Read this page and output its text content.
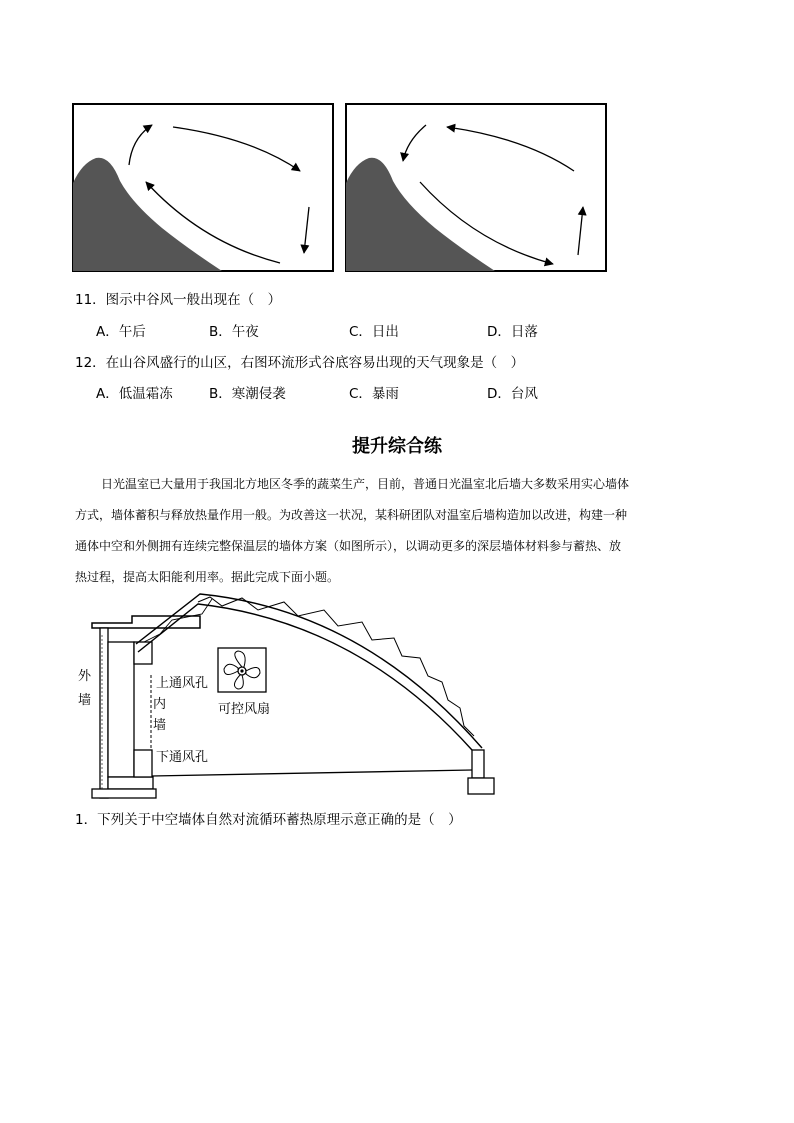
11．图示中谷风一般出现在（　）
A．午后	B．午夜	C．日出	D．日落
12．在山谷风盛行的山区，右图环流形式谷底容易出现的天气现象是（　）
A．低温霜冻	B．寒潮侵袭	C．暴雨	D．台风
提升综合练

日光温室已大量用于我国北方地区冬季的蔬菜生产，目前，普通日光温室北后墙大多数采用实心墙体

方式，墙体蓄积与释放热量作用一般。为改善这一状况，某科研团队对温室后墙构造加以改进，构建一种

通体中空和外侧拥有连续完整保温层的墙体方案（如图所示），以调动更多的深层墙体材料参与蓄热、放

热过程，提高太阳能利用率。据此完成下面小题。

外
墙
上通风孔
内
墙
下通风孔
可控风扇
1．下列关于中空墙体自然对流循环蓄热原理示意正确的是（　）
